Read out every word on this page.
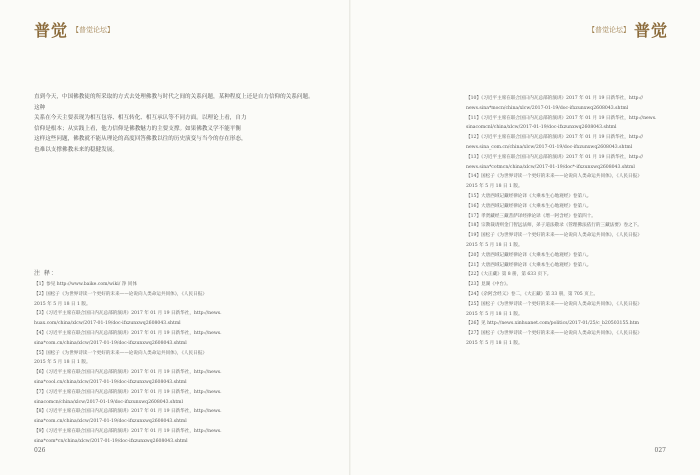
普觉 【普觉论坛】

直到今天，中国佛教徒的所采取的方式去处理佛教与时代之间的关系问题，某种程度上还是自力信仰的关系问题。这种

关系在今天主要表现为相互包容、相互转化、相互承认等不同方面。以理论上看，自力

信仰是根本；从实践上看，他力信仰是佛教魅力的主要支撑。如果佛教义学不能平衡

这样这些问题，佛教就不能从理论的高度回答佛教以往的历史演变与当今的存在形态，

也难以支撑佛教未来的稳健发展。

注 释：
【1】参见 http://www.baike.com/wiki/ 净 同体
【2】国松子《为世界诗读一个更好的未来——论说向人类命运共同体》，《人民日报》
2015 年 5 月 18 日 1 版。
【3】《习近平主席在联合国日内瓦总部的演讲》2017 年 01 月 19 日新华社，http://news.
huax.com/china/xlcw/2017-01-19/doc-ifxzunxwq2608043.shtml
【4】《习近平主席在联合国日内瓦总部的演讲》2017 年 01 月 19 日新华社，http://news.
sina*com.cn/china/xlcw/2017-01-19/doc-ifxzunxwq2608043.shtml
【5】国松子《为世界诗读一个更好的未来——论说向人类命运共同体》，《人民日报》
2015 年 5 月 18 日 1 版。
【6】《习近平主席在联合国日内瓦总部的演讲》2017 年 01 月 19 日新华社，http://news.
sina*cool.cn/china/xlcw/2017-01-19/doc-ifxzunxwq2608043.shtml
【7】《习近平主席在联合国日内瓦总部的演讲》2017 年 01 月 19 日新华社，http://news.
sinacomcn/china/xlcw/2017-01-19/doc-ifxzunxwq2608043.shtml
【8】《习近平主席在联合国日内瓦总部的演讲》2017 年 01 月 19 日新华社，http://news.
sina*com.cn/china/xlcw/2017-01-19/doc-ifxzunxwq2608043.shtml
【9】《习近平主席在联合国日内瓦总部的演讲》2017 年 01 月 19 日新华社，http://news.
sina*com*cn/china/xlcw/2017-01-19/doc-ifxzunxwq2608043.shtml
026
【普觉论坛】 普觉
【10】《习近平主席在联合国日内瓦总部的演讲》2017 年 01 月 19 日新华社，http://
news.sina*mocn/china/xlcw/2017-01-19/doc-ifxzunxwq2608043.shtml
【11】《习近平主席在联合国日内瓦总部的演讲》2017 年 01 月 19 日新华社，http://news.
sinacomcnl/china/xlcw/2017-01-19/doc-ifxzunxwq2608043.shtml
【12】《习近平主席在联合国日内瓦总部的演讲》2017 年 01 月 19 日新华社，http://
news.sina_com.cn/china/xlcw/2017-01-19/doc-ifxzunxwq2608043.shtml
【13】《习近平主席在联合国日内瓦总部的演讲》2017 年 01 月 19 日新华社，http://
news.sina*cotmcn/china/xlcw/2017-01-19/doc*-ifxzunxwq2608043.shtml
【14】国松子《为世界诗读一个更好的未来——论说向人类命运共同体》，《人民日报》
2015 年 5 月 18 日 1 版。
【15】大唐西域记藏经律论译《大乘本生心地观经》卷第八。
【16】大唐西域记藏经律论译《大乘本生心地观经》卷第八。
【17】孝贤藏经三藏菩萨译经律论译《增一阿含经》卷第四十。
【18】宗教裁请则金门智远法师，弟子道法敬录《管理佛法依行的三藏法要》卷之下。
【19】国松子《为世界诗读一个更好的未来——论说向人类命运共同体》，《人民日报》
2015 年 5 月 18 日 1 版。
【20】大唐西域记藏经律论译《大乘本生心地观经》卷第八。
【21】大唐西域记藏经律论译《大乘本生心地观经》卷第八。
【22】《大正藏》第 8 册，第 633 页下。
【23】見湖《中台》。
【24】《杂阿含经义》卷二，《大正藏》第 33 册，第 705 页上。
【25】国松子《为世界诗读一个更好的未来——论说向人类命运共同体》，《人民日报》
2015 年 5 月 18 日 1 版。
【26】见 http://news.xinhuanet.com/politics/2017-01/25/c_b20503155.htm
【27】国松子《为世界诗读一个更好的未来——论说向人类命运共同体》，《人民日报》
2015 年 5 月 18 日 1 版。
027
